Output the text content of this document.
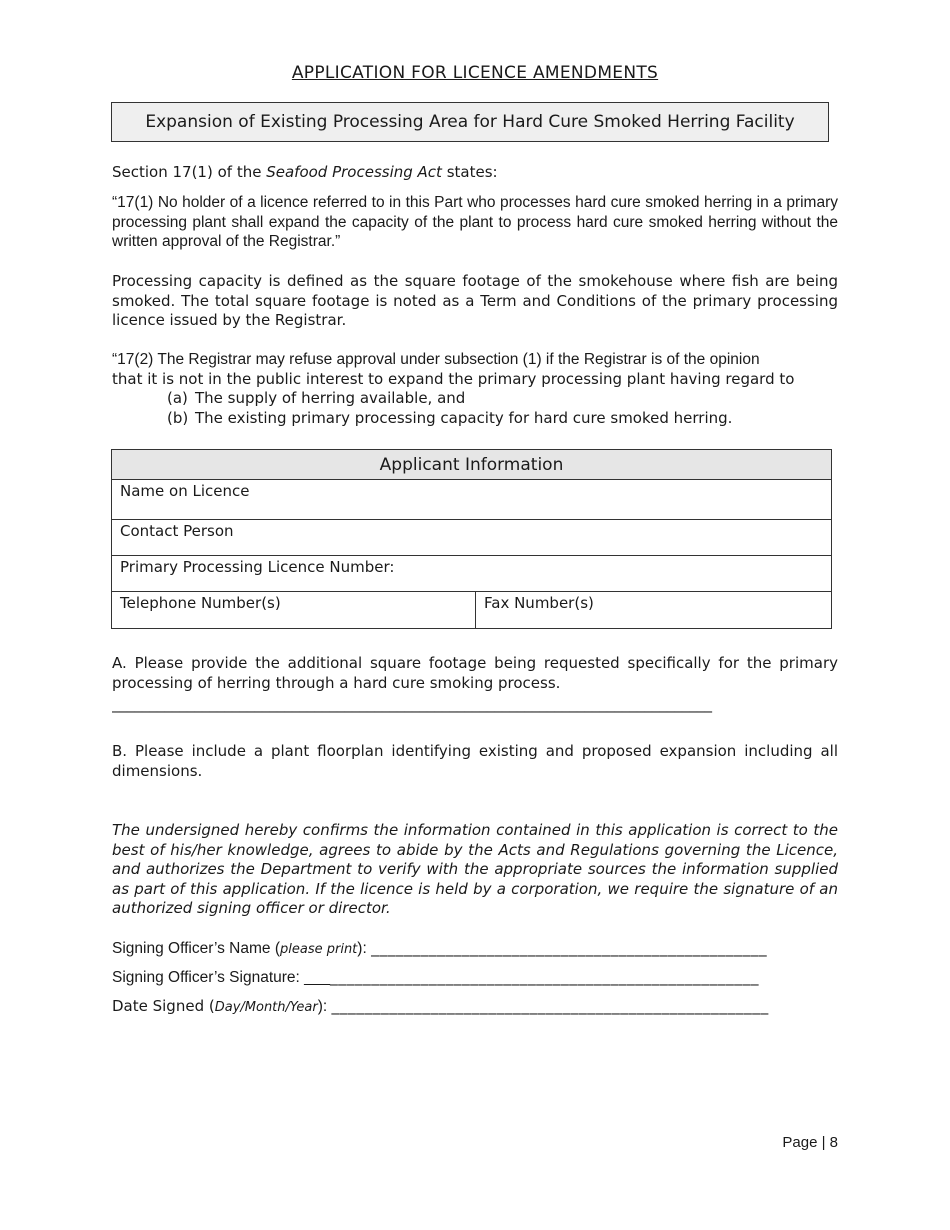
APPLICATION FOR LICENCE AMENDMENTS
Expansion of Existing Processing Area for Hard Cure Smoked Herring Facility
Section 17(1) of the Seafood Processing Act states:
“17(1) No holder of a licence referred to in this Part who processes hard cure smoked herring in a primary processing plant shall expand the capacity of the plant to process hard cure smoked herring without the written approval of the Registrar.”
Processing capacity is defined as the square footage of the smokehouse where fish are being smoked. The total square footage is noted as a Term and Conditions of the primary processing licence issued by the Registrar.
“17(2) The Registrar may refuse approval under subsection (1) if the Registrar is of the opinion
that it is not in the public interest to expand the primary processing plant having regard to
(a) The supply of herring available, and
(b) The existing primary processing capacity for hard cure smoked herring.
Applicant Information
Name on Licence
Contact Person
Primary Processing Licence Number:
Telephone Number(s)	Fax Number(s)
A. Please provide the additional square footage being requested specifically for the primary processing of herring through a hard cure smoking process.
________________________________________________________________________________
B. Please include a plant floorplan identifying existing and proposed expansion including all dimensions.
The undersigned hereby confirms the information contained in this application is correct to the best of his/her knowledge, agrees to abide by the Acts and Regulations governing the Licence, and authorizes the Department to verify with the appropriate sources the information supplied as part of this application. If the licence is held by a corporation, we require the signature of an authorized signing officer or director.
Signing Officer’s Name (please print): ________________________________________________
Signing Officer’s Signature: _______________________________________________________
Date Signed (Day/Month/Year): _____________________________________________________
Page | 8
